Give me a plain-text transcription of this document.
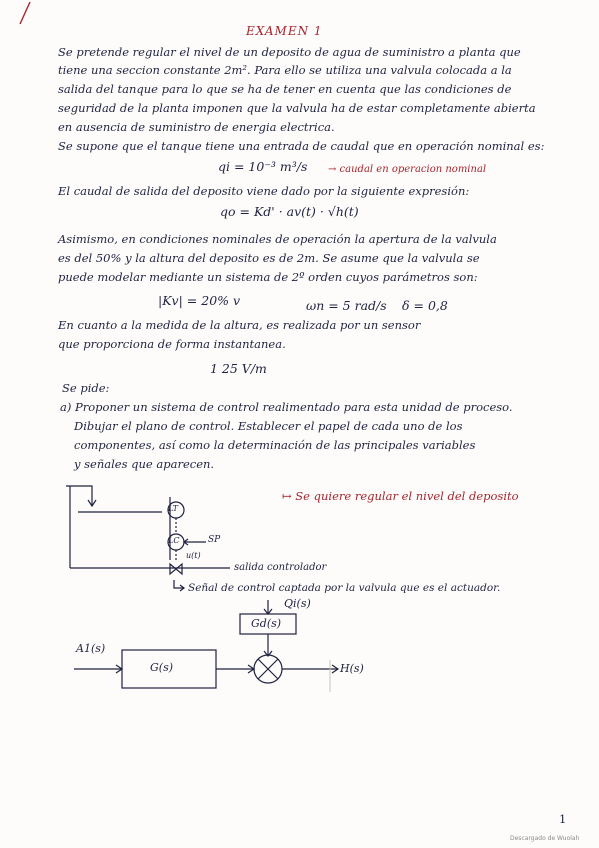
EXAMEN 1
Se pretende regular el nivel de un deposito de agua de suministro a planta que
tiene una seccion constante 2m². Para ello se utiliza una valvula colocada a la
salida del tanque para lo que se ha de tener en cuenta que las condiciones de
seguridad de la planta imponen que la valvula ha de estar completamente abierta
en ausencia de suministro de energia electrica.
Se supone que el tanque tiene una entrada de caudal que en operación nominal es:
qi = 10⁻³ m³/s → caudal en operacion nominal
El caudal de salida del deposito viene dado por la siguiente expresión:
qo = Kd' · av(t) · √h(t)
Asimismo, en condiciones nominales de operación la apertura de la valvula
es del 50% y la altura del deposito es de 2m. Se asume que la valvula se
puede modelar mediante un sistema de 2º orden cuyos parámetros son:
|Kv| = 20% v	ωn = 5 rad/s δ = 0,8
En cuanto a la medida de la altura, es realizada por un sensor
que proporciona de forma instantanea.
1 25 V/m
Se pide:
a) Proponer un sistema de control realimentado para esta unidad de proceso.
Dibujar el plano de control. Establecer el papel de cada uno de los
componentes, así como la determinación de las principales variables
y señales que aparecen.
↦ Se quiere regular el nivel del deposito
LT
LC	SP
u(t)
salida controlador
Señal de control captada por la valvula que es el actuador.
Qi(s)
Gd(s)
A1(s)
G(s)	H(s)
1
Descargado de Wuolah
